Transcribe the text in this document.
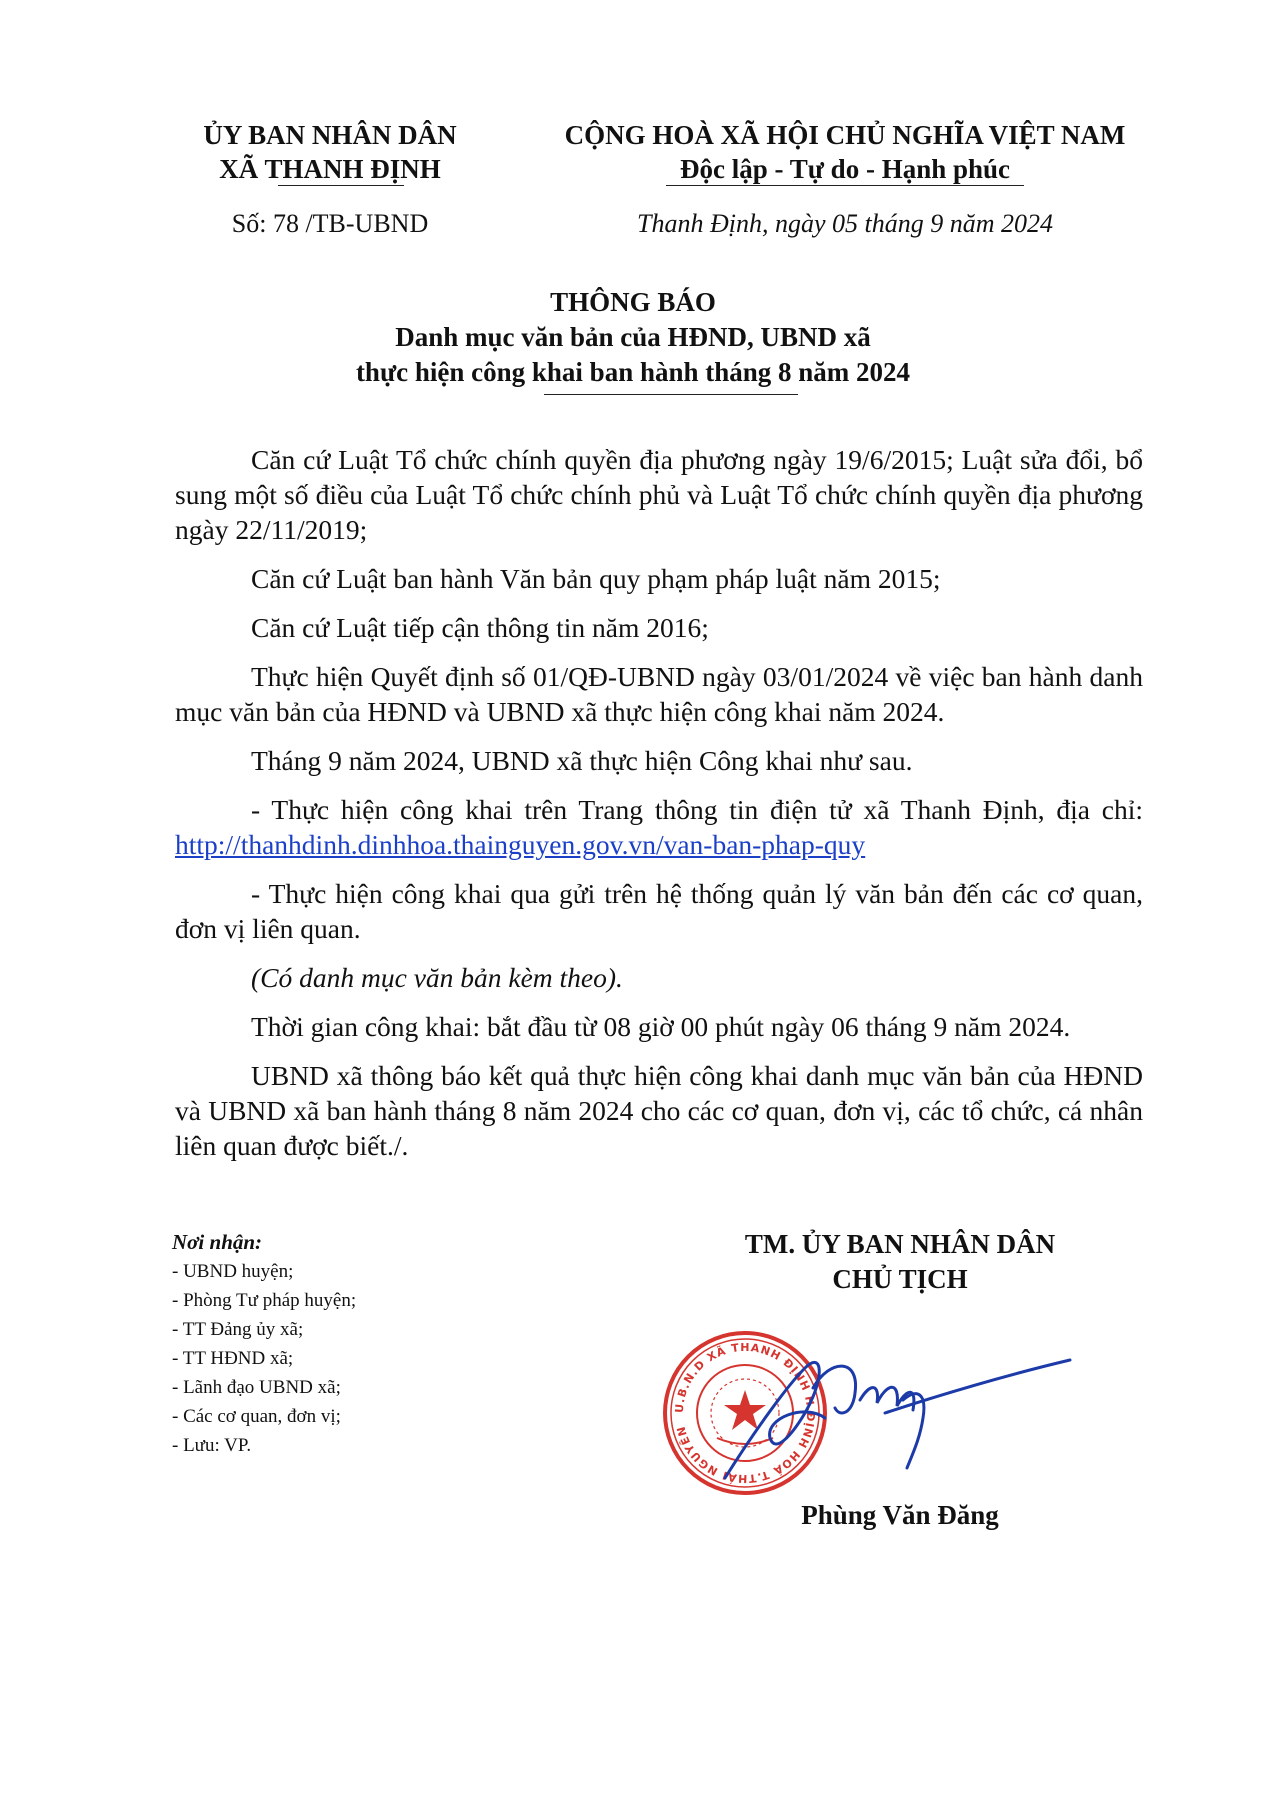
ỦY BAN NHÂN DÂN
XÃ THANH ĐỊNH
Số: 78 /TB-UBND
CỘNG HOÀ XÃ HỘI CHỦ NGHĨA VIỆT NAM
Độc lập - Tự do - Hạnh phúc
Thanh Định, ngày 05 tháng 9 năm 2024
THÔNG BÁO
Danh mục văn bản của HĐND, UBND xã
thực hiện công khai ban hành tháng 8 năm 2024

Căn cứ Luật Tổ chức chính quyền địa phương ngày 19/6/2015; Luật sửa đổi, bổ sung một số điều của Luật Tổ chức chính phủ và Luật Tổ chức chính quyền địa phương ngày 22/11/2019;

Căn cứ Luật ban hành Văn bản quy phạm pháp luật năm 2015;

Căn cứ Luật tiếp cận thông tin năm 2016;

Thực hiện Quyết định số 01/QĐ-UBND ngày 03/01/2024 về việc ban hành danh mục văn bản của HĐND và UBND xã thực hiện công khai năm 2024.

Tháng 9 năm 2024, UBND xã thực hiện Công khai như sau.

- Thực hiện công khai trên Trang thông tin điện tử xã Thanh Định, địa chỉ: http://thanhdinh.dinhhoa.thainguyen.gov.vn/van-ban-phap-quy

- Thực hiện công khai qua gửi trên hệ thống quản lý văn bản đến các cơ quan, đơn vị liên quan.

(Có danh mục văn bản kèm theo).

Thời gian công khai: bắt đầu từ 08 giờ 00 phút ngày 06 tháng 9 năm 2024.

UBND xã thông báo kết quả thực hiện công khai danh mục văn bản của HĐND và UBND xã ban hành tháng 8 năm 2024 cho các cơ quan, đơn vị, các tổ chức, cá nhân liên quan được biết./.

Nơi nhận:
- UBND huyện;
- Phòng Tư pháp huyện;
- TT Đảng ủy xã;
- TT HĐND xã;
- Lãnh đạo UBND xã;
- Các cơ quan, đơn vị;
- Lưu: VP.
TM. ỦY BAN NHÂN DÂN
CHỦ TỊCH
U.B.N.D XÃ THANH ĐỊNH H.ĐỊNH HOÁ T.THÁI NGUYÊN
Phùng Văn Đăng
